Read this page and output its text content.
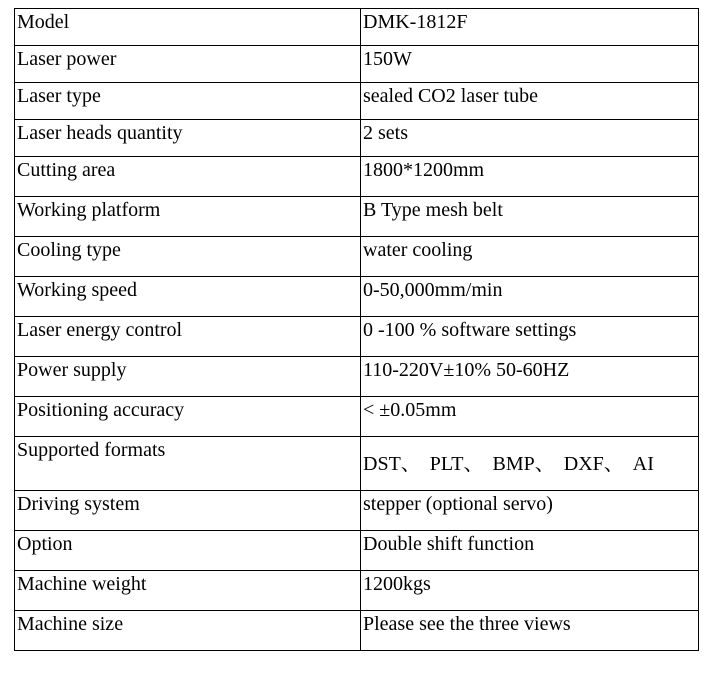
Model	DMK-1812F
Laser power	150W
Laser type	sealed CO2 laser tube
Laser heads quantity	2 sets
Cutting area	1800*1200mm
Working platform	B Type mesh belt
Cooling type	water cooling
Working speed	0-50,000mm/min
Laser energy control	0 -100 % software settings
Power supply	110-220V±10% 50-60HZ
Positioning accuracy	< ±0.05mm
Supported formats	DST、 PLT、 BMP、 DXF、 AI
Driving system	stepper (optional servo)
Option	Double shift function
Machine weight	1200kgs
Machine size	Please see the three views
